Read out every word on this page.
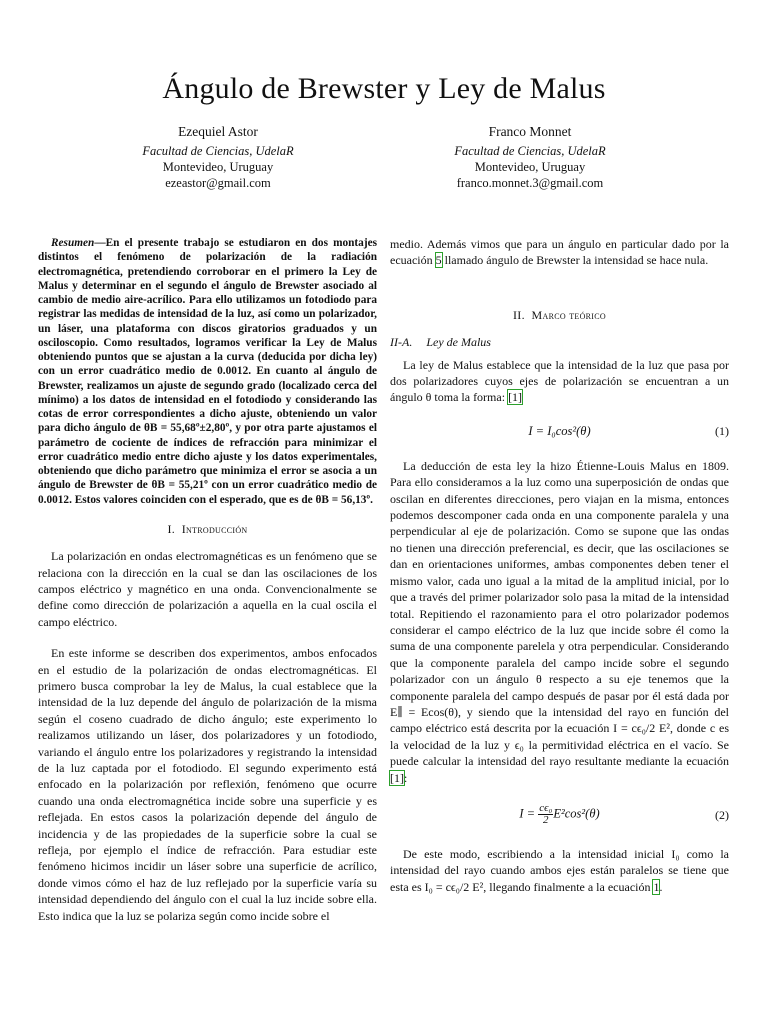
Ángulo de Brewster y Ley de Malus
Ezequiel Astor
Facultad de Ciencias, UdelaR
Montevideo, Uruguay
ezeastor@gmail.com
Franco Monnet
Facultad de Ciencias, UdelaR
Montevideo, Uruguay
franco.monnet.3@gmail.com

Resumen—En el presente trabajo se estudiaron en dos montajes distintos el fenómeno de polarización de la radiación electromagnética, pretendiendo corroborar en el primero la Ley de Malus y determinar en el segundo el ángulo de Brewster asociado al cambio de medio aire-acrílico. Para ello utilizamos un fotodiodo para registrar las medidas de intensidad de la luz, así como un polarizador, un láser, una plataforma con discos giratorios graduados y un osciloscopio. Como resultados, logramos verificar la Ley de Malus obteniendo puntos que se ajustan a la curva (deducida por dicha ley) con un error cuadrático medio de 0.0012. En cuanto al ángulo de Brewster, realizamos un ajuste de segundo grado (localizado cerca del mínimo) a los datos de intensidad en el fotodiodo y considerando las cotas de error correspondientes a dicho ajuste, obteniendo un valor para dicho ángulo de θB = 55,68º±2,80º, y por otra parte ajustamos el parámetro de cociente de índices de refracción para minimizar el error cuadrático medio entre dicho ajuste y los datos experimentales, obteniendo que dicho parámetro que minimiza el error se asocia a un ángulo de Brewster de θB = 55,21º con un error cuadrático medio de 0.0012. Estos valores coinciden con el esperado, que es de θB = 56,13º.

I. Introducción

La polarización en ondas electromagnéticas es un fenómeno que se relaciona con la dirección en la cual se dan las oscilaciones de los campos eléctrico y magnético en una onda. Convencionalmente se define como dirección de polarización a aquella en la cual oscila el campo eléctrico.

En este informe se describen dos experimentos, ambos enfocados en el estudio de la polarización de ondas electromagnéticas. El primero busca comprobar la ley de Malus, la cual establece que la intensidad de la luz depende del ángulo de polarización de la misma según el coseno cuadrado de dicho ángulo; este experimento lo realizamos utilizando un láser, dos polarizadores y un fotodiodo, variando el ángulo entre los polarizadores y registrando la intensidad de la luz captada por el fotodiodo. El segundo experimento está enfocado en la polarización por reflexión, fenómeno que ocurre cuando una onda electromagnética incide sobre una superficie y es reflejada. En estos casos la polarización depende del ángulo de incidencia y de las propiedades de la superficie sobre la cual se refleja, por ejemplo el índice de refracción. Para estudiar este fenómeno hicimos incidir un láser sobre una superficie de acrílico, donde vimos cómo el haz de luz reflejado por la superficie varía su intensidad dependiendo del ángulo con el cual la luz incide sobre ella. Esto indica que la luz se polariza según como incide sobre el

medio. Además vimos que para un ángulo en particular dado por la ecuación 5 llamado ángulo de Brewster la intensidad se hace nula.

II. Marco teórico
II-A. Ley de Malus

La ley de Malus establece que la intensidad de la luz que pasa por dos polarizadores cuyos ejes de polarización se encuentran a un ángulo θ toma la forma: [1]

I = I₀cos²(θ)	(1)

La deducción de esta ley la hizo Étienne-Louis Malus en 1809. Para ello consideramos a la luz como una superposición de ondas que oscilan en diferentes direcciones, pero viajan en la misma, entonces podemos descomponer cada onda en una componente paralela y una perpendicular al eje de polarización. Como se supone que las ondas no tienen una dirección preferencial, es decir, que las oscilaciones se dan en orientaciones uniformes, ambas componentes deben tener el mismo valor, cada uno igual a la mitad de la amplitud inicial, por lo que a través del primer polarizador solo pasa la mitad de la intensidad total. Repitiendo el razonamiento para el otro polarizador podemos considerar el campo eléctrico de la luz que incide sobre él como la suma de una componente parelela y otra perpendicular. Considerando que la componente paralela del campo incide sobre el segundo polarizador con un ángulo θ respecto a su eje tenemos que la componente paralela del campo después de pasar por él está dada por E∥ = Ecos(θ), y siendo que la intensidad del rayo en función del campo eléctrico está descrita por la ecuación I = cϵ₀/2 E², donde c es la velocidad de la luz y ϵ₀ la permitividad eléctrica en el vacío. Se puede calcular la intensidad del rayo resultante mediante la ecuación [1]:

$I = \frac{\text{cϵ₀}}{2} E^2\cos^2(\theta)$	(2)

De este modo, escribiendo a la intensidad inicial I₀ como la intensidad del rayo cuando ambos ejes están paralelos se tiene que esta es I₀ = cϵ₀/2 E², llegando finalmente a la ecuación 1.
